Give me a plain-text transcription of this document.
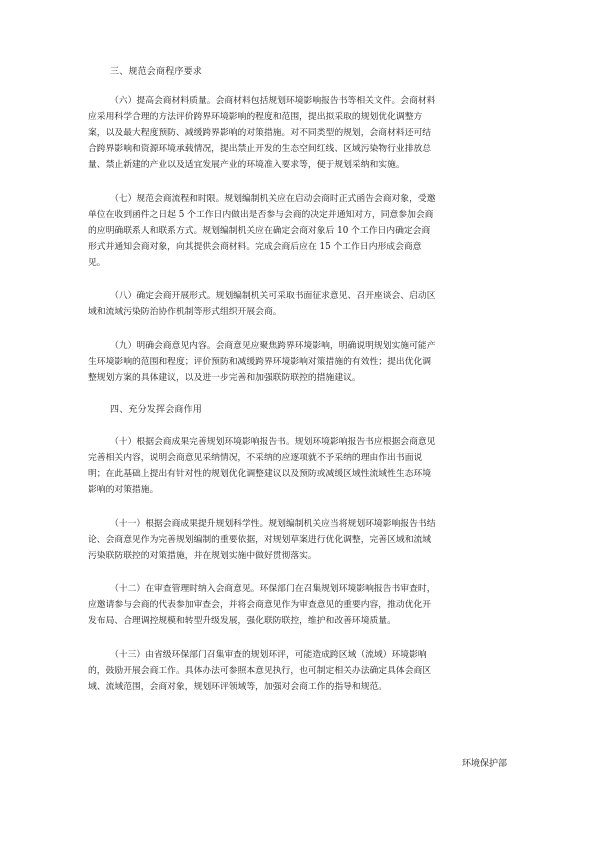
三、规范会商程序要求
（六）提高会商材料质量。会商材料包括规划环境影响报告书等相关文件。会商材料
应采用科学合理的方法评价跨界环境影响的程度和范围，提出拟采取的规划优化调整方
案，以及最大程度预防、减缓跨界影响的对策措施。对不同类型的规划，会商材料还可结
合跨界影响和资源环境承载情况，提出禁止开发的生态空间红线、区域污染物行业排放总
量、禁止新建的产业以及适宜发展产业的环境准入要求等，便于规划采纳和实施。
（七）规范会商流程和时限。规划编制机关应在启动会商时正式函告会商对象，受邀
单位在收到函件之日起 5 个工作日内做出是否参与会商的决定并通知对方，同意参加会商
的应明确联系人和联系方式。规划编制机关应在确定会商对象后 10 个工作日内确定会商
形式并通知会商对象，向其提供会商材料。完成会商后应在 15 个工作日内形成会商意
见。
（八）确定会商开展形式。规划编制机关可采取书面征求意见、召开座谈会、启动区
域和流域污染防治协作机制等形式组织开展会商。
（九）明确会商意见内容。会商意见应聚焦跨界环境影响，明确说明规划实施可能产
生环境影响的范围和程度；评价预防和减缓跨界环境影响对策措施的有效性；提出优化调
整规划方案的具体建议，以及进一步完善和加强联防联控的措施建议。
四、充分发挥会商作用
（十）根据会商成果完善规划环境影响报告书。规划环境影响报告书应根据会商意见
完善相关内容，说明会商意见采纳情况，不采纳的应逐项就不予采纳的理由作出书面说
明；在此基础上提出有针对性的规划优化调整建议以及预防或减缓区域性流域性生态环境
影响的对策措施。
（十一）根据会商成果提升规划科学性。规划编制机关应当将规划环境影响报告书结
论、会商意见作为完善规划编制的重要依据，对规划草案进行优化调整，完善区域和流域
污染联防联控的对策措施，并在规划实施中做好贯彻落实。
（十二）在审查管理时纳入会商意见。环保部门在召集规划环境影响报告书审查时，
应邀请参与会商的代表参加审查会，并将会商意见作为审查意见的重要内容，推动优化开
发布局、合理调控规模和转型升级发展，强化联防联控，维护和改善环境质量。
（十三）由省级环保部门召集审查的规划环评，可能造成跨区域（流域）环境影响
的，鼓励开展会商工作。具体办法可参照本意见执行，也可制定相关办法确定具体会商区
域、流域范围，会商对象，规划环评领域等，加强对会商工作的指导和规范。
环境保护部
